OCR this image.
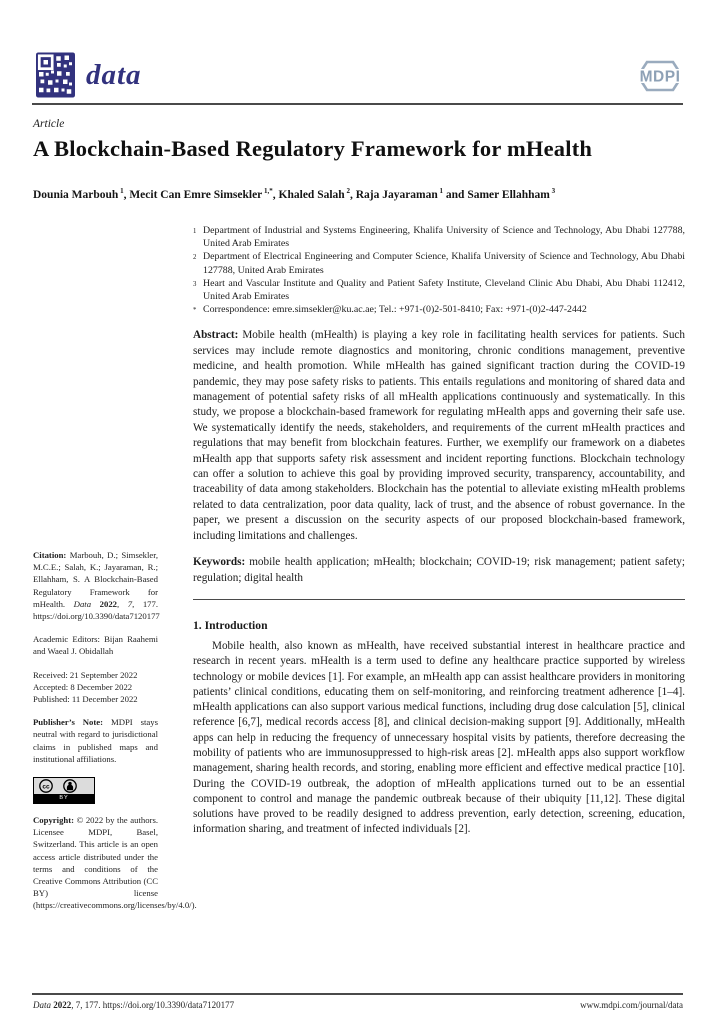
data	MDPI
Article
A Blockchain-Based Regulatory Framework for mHealth
Dounia Marbouh $^1$, Mecit Can Emre Simsekler $^{1,*}$, Khaled Salah $^2$, Raja Jayaraman $^1$ and Samer Ellahham $^3$
Citation: Marbouh, D.; Simsekler, M.C.E.; Salah, K.; Jayaraman, R.; Ellahham, S. A Blockchain-Based Regulatory Framework for mHealth. Data 2022, 7, 177. https://doi.org/10.3390/data7120177
Academic Editors: Bijan Raahemi and Waeal J. Obidallah
Received: 21 September 2022
Accepted: 8 December 2022
Published: 11 December 2022
Publisher’s Note: MDPI stays neutral with regard to jurisdictional claims in published maps and institutional affiliations.
cc
BY
Copyright: © 2022 by the authors. Licensee MDPI, Basel, Switzerland. This article is an open access article distributed under the terms and conditions of the Creative Commons Attribution (CC BY) license (https://creativecommons.org/licenses/by/4.0/).
1 Department of Industrial and Systems Engineering, Khalifa University of Science and Technology, Abu Dhabi 127788, United Arab Emirates
2 Department of Electrical Engineering and Computer Science, Khalifa University of Science and Technology, Abu Dhabi 127788, United Arab Emirates
3 Heart and Vascular Institute and Quality and Patient Safety Institute, Cleveland Clinic Abu Dhabi, Abu Dhabi 112412, United Arab Emirates
* Correspondence: emre.simsekler@ku.ac.ae; Tel.: +971-(0)2-501-8410; Fax: +971-(0)2-447-2442
Abstract: Mobile health (mHealth) is playing a key role in facilitating health services for patients. Such services may include remote diagnostics and monitoring, chronic conditions management, preventive medicine, and health promotion. While mHealth has gained significant traction during the COVID-19 pandemic, they may pose safety risks to patients. This entails regulations and monitoring of shared data and management of potential safety risks of all mHealth applications continuously and systematically. In this study, we propose a blockchain-based framework for regulating mHealth apps and governing their safe use. We systematically identify the needs, stakeholders, and requirements of the current mHealth practices and regulations that may benefit from blockchain features. Further, we exemplify our framework on a diabetes mHealth app that supports safety risk assessment and incident reporting functions. Blockchain technology can offer a solution to achieve this goal by providing improved security, transparency, accountability, and traceability of data among stakeholders. Blockchain has the potential to alleviate existing mHealth problems related to data centralization, poor data quality, lack of trust, and the absence of robust governance. In the paper, we present a discussion on the security aspects of our proposed blockchain-based framework, including limitations and challenges.
Keywords: mobile health application; mHealth; blockchain; COVID-19; risk management; patient safety; regulation; digital health
1. Introduction
Mobile health, also known as mHealth, have received substantial interest in healthcare practice and research in recent years. mHealth is a term used to define any healthcare practice supported by wireless technology or mobile devices [1]. For example, an mHealth app can assist healthcare providers in monitoring patients’ clinical conditions, educating them on self-monitoring, and reinforcing treatment adherence [1–4]. mHealth applications can also support various medical functions, including drug dose calculation [5], clinical reference [6,7], medical records access [8], and clinical decision-making support [9]. Additionally, mHealth apps can help in reducing the frequency of unnecessary hospital visits by patients, therefore decreasing the mobility of patients who are immunosuppressed to high-risk areas [2]. mHealth apps also support workflow management, sharing health records, and storing, enabling more efficient and effective medical practice [10]. During the COVID-19 outbreak, the adoption of mHealth applications turned out to be an essential component to control and manage the pandemic outbreak because of their ubiquity [11,12]. These digital solutions have proved to be readily designed to address prevention, early detection, screening, education, information sharing, and treatment of infected individuals [2].
Data 2022, 7, 177. https://doi.org/10.3390/data7120177	www.mdpi.com/journal/data
